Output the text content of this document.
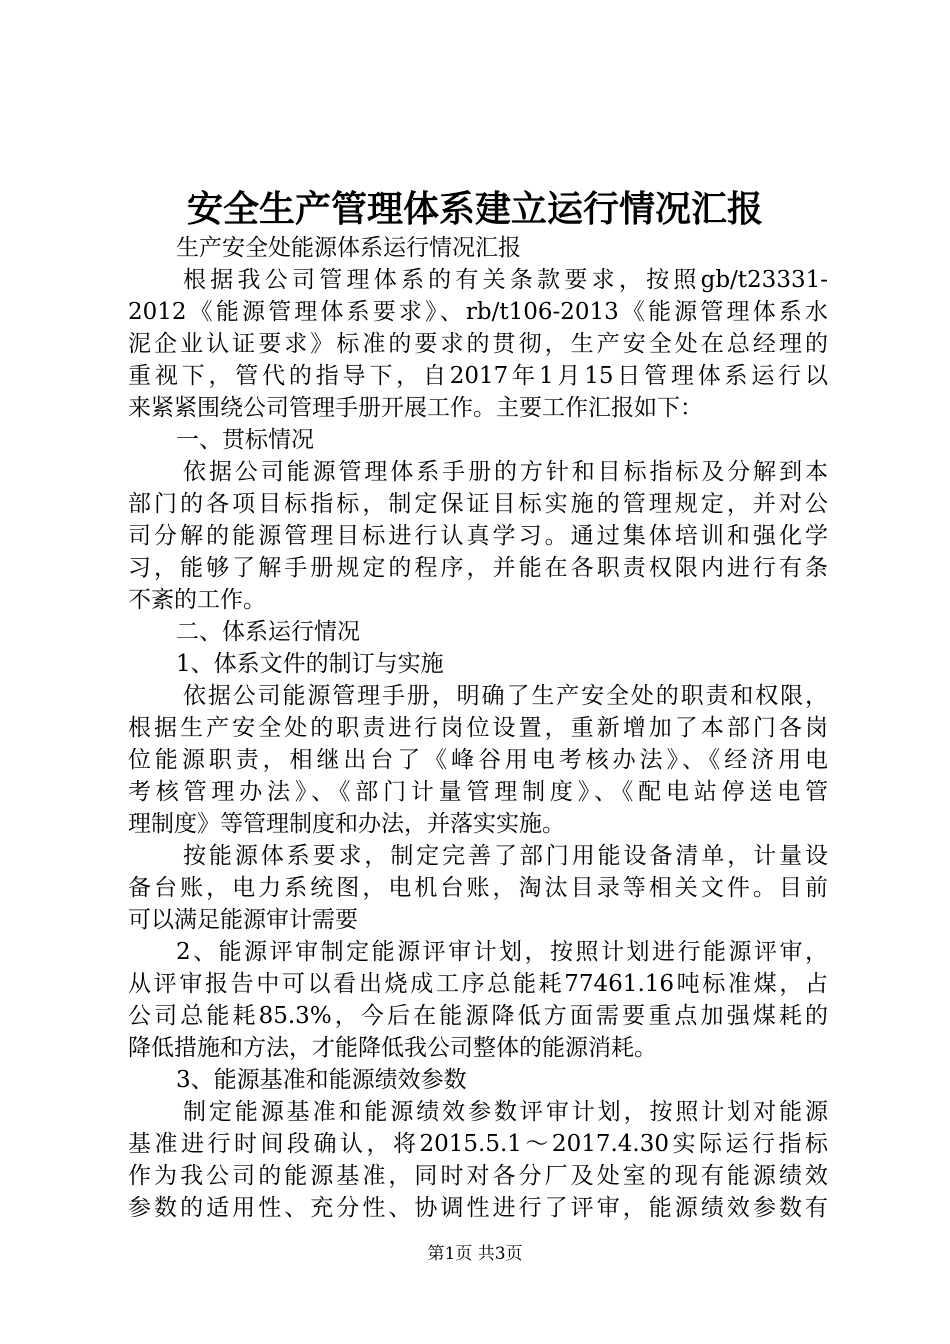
安全生产管理体系建立运行情况汇报
生产安全处能源体系运行情况汇报
根据我公司管理体系的有关条款要求，按照gb/t23331-
2012《能源管理体系要求》、rb/t106-2013《能源管理体系水
泥企业认证要求》标准的要求的贯彻，生产安全处在总经理的
重视下，管代的指导下，自2017年1月15日管理体系运行以
来紧紧围绕公司管理手册开展工作。主要工作汇报如下：
一、贯标情况
依据公司能源管理体系手册的方针和目标指标及分解到本
部门的各项目标指标，制定保证目标实施的管理规定，并对公
司分解的能源管理目标进行认真学习。通过集体培训和强化学
习，能够了解手册规定的程序，并能在各职责权限内进行有条
不紊的工作。
二、体系运行情况
1、体系文件的制订与实施
依据公司能源管理手册，明确了生产安全处的职责和权限，
根据生产安全处的职责进行岗位设置，重新增加了本部门各岗
位能源职责，相继出台了《峰谷用电考核办法》、《经济用电
考核管理办法》、《部门计量管理制度》、《配电站停送电管
理制度》等管理制度和办法，并落实实施。
按能源体系要求，制定完善了部门用能设备清单，计量设
备台账，电力系统图，电机台账，淘汰目录等相关文件。目前
可以满足能源审计需要
2、能源评审制定能源评审计划，按照计划进行能源评审，
从评审报告中可以看出烧成工序总能耗77461.16吨标准煤，占
公司总能耗85.3%，今后在能源降低方面需要重点加强煤耗的
降低措施和方法，才能降低我公司整体的能源消耗。
3、能源基准和能源绩效参数
制定能源基准和能源绩效参数评审计划，按照计划对能源
基准进行时间段确认，将2015.5.1～2017.4.30实际运行指标
作为我公司的能源基准，同时对各分厂及处室的现有能源绩效
参数的适用性、充分性、协调性进行了评审，能源绩效参数有
第1页 共3页
